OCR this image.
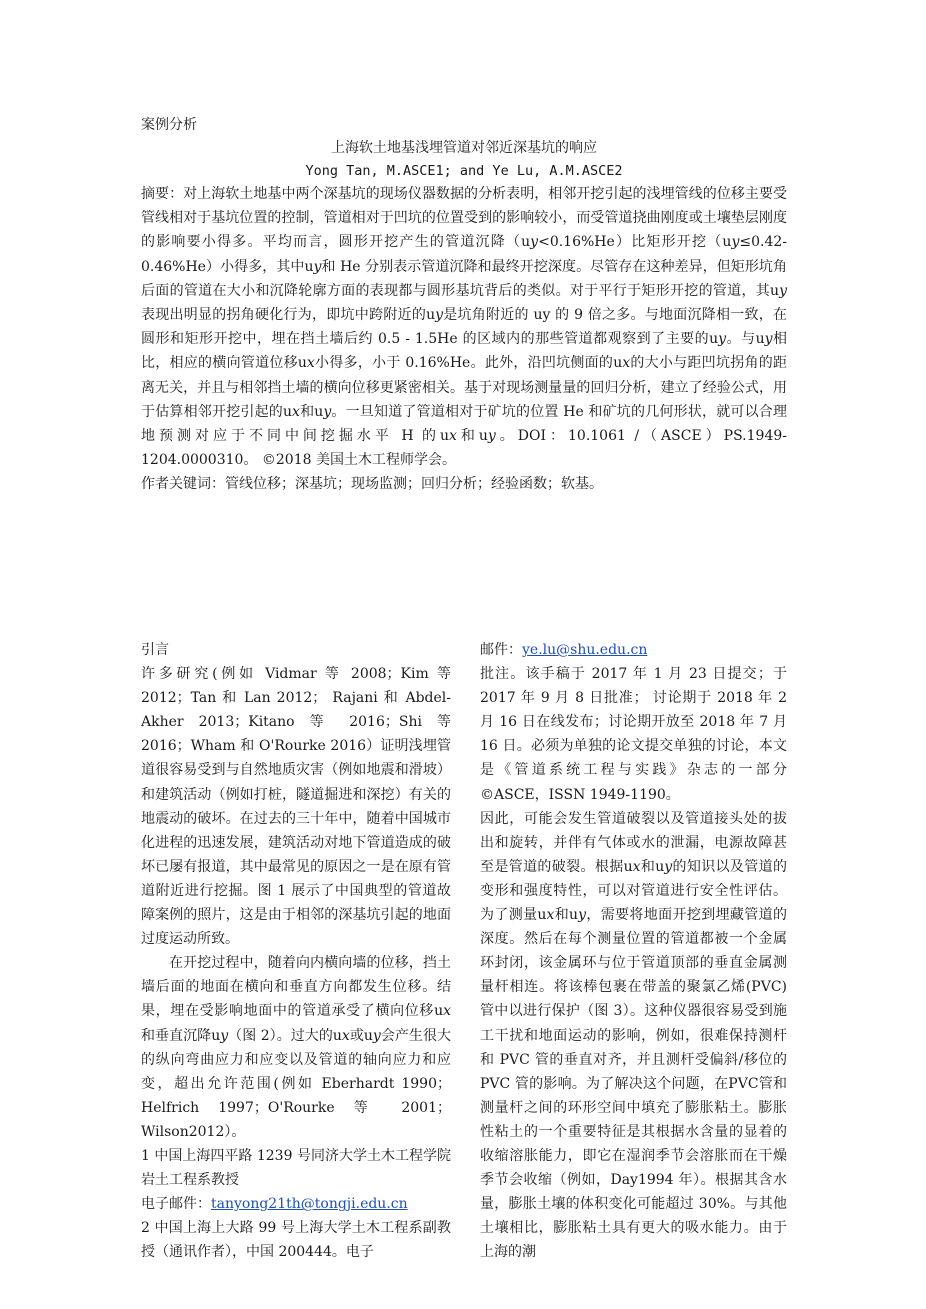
案例分析

上海软土地基浅埋管道对邻近深基坑的响应

Yong Tan, M.ASCE1; and Ye Lu, A.M.ASCE2

摘要：对上海软土地基中两个深基坑的现场仪器数据的分析表明，相邻开挖引起的浅埋管线的位移主要受管线相对于基坑位置的控制，管道相对于凹坑的位置受到的影响较小，而受管道挠曲刚度或土壤垫层刚度的影响要小得多。平均而言，圆形开挖产生的管道沉降（u𝑦<0.16%He）比矩形开挖（u𝑦≤0.42-0.46%He）小得多，其中u𝑦和 He 分别表示管道沉降和最终开挖深度。尽管存在这种差异，但矩形坑角后面的管道在大小和沉降轮廓方面的表现都与圆形基坑背后的类似。对于平行于矩形开挖的管道，其u𝑦表现出明显的拐角硬化行为，即坑中跨附近的u𝑦是坑角附近的 uy 的 9 倍之多。与地面沉降相一致，在圆形和矩形开挖中，埋在挡土墙后约 0.5 - 1.5He 的区域内的那些管道都观察到了主要的u𝑦。与u𝑦相比，相应的横向管道位移u𝑥小得多，小于 0.16%He。此外，沿凹坑侧面的u𝑥的大小与距凹坑拐角的距离无关，并且与相邻挡土墙的横向位移更紧密相关。基于对现场测量量的回归分析，建立了经验公式，用于估算相邻开挖引起的u𝑥和u𝑦。一旦知道了管道相对于矿坑的位置 He 和矿坑的几何形状，就可以合理地预测对应于不同中间挖掘水平 H 的u𝑥和u𝑦。DOI：10.1061 /（ASCE）PS.1949-1204.0000310。 ©2018 美国土木工程师学会。

作者关键词：管线位移；深基坑；现场监测；回归分析；经验函数；软基。

引言

许多研究(例如 Vidmar 等 2008；Kim 等 2012；Tan 和 Lan 2012； Rajani 和 Abdel-Akher 2013；Kitano 等 2016；Shi 等 2016；Wham 和 O'Rourke 2016）证明浅埋管道很容易受到与自然地质灾害（例如地震和滑坡）和建筑活动（例如打桩，隧道掘进和深挖）有关的地震动的破坏。在过去的三十年中，随着中国城市化进程的迅速发展，建筑活动对地下管道造成的破坏已屡有报道，其中最常见的原因之一是在原有管道附近进行挖掘。图 1 展示了中国典型的管道故障案例的照片，这是由于相邻的深基坑引起的地面过度运动所致。

在开挖过程中，随着向内横向墙的位移，挡土墙后面的地面在横向和垂直方向都发生位移。结果，埋在受影响地面中的管道承受了横向位移u𝑥和垂直沉降u𝑦（图 2）。过大的u𝑥或u𝑦会产生很大的纵向弯曲应力和应变以及管道的轴向应力和应变，超出允许范围(例如 Eberhardt 1990；Helfrich 1997；O'Rourke 等 2001；Wilson2012）。

1 中国上海四平路 1239 号同济大学土木工程学院岩土工程系教授

电子邮件：tanyong21th@tongji.edu.cn

2 中国上海上大路 99 号上海大学土木工程系副教授（通讯作者），中国 200444。电子

邮件：ye.lu@shu.edu.cn

批注。该手稿于 2017 年 1 月 23 日提交；于 2017 年 9 月 8 日批准； 讨论期于 2018 年 2 月 16 日在线发布；讨论期开放至 2018 年 7 月 16 日。必须为单独的论文提交单独的讨论，本文是《管道系统工程与实践》杂志的一部分©ASCE，ISSN 1949-1190。

因此，可能会发生管道破裂以及管道接头处的拔出和旋转，并伴有气体或水的泄漏，电源故障甚至是管道的破裂。根据u𝑥和u𝑦的知识以及管道的变形和强度特性，可以对管道进行安全性评估。为了测量u𝑥和u𝑦，需要将地面开挖到埋藏管道的深度。然后在每个测量位置的管道都被一个金属环封闭，该金属环与位于管道顶部的垂直金属测量杆相连。将该棒包裹在带盖的聚氯乙烯(PVC)管中以进行保护（图 3）。这种仪器很容易受到施工干扰和地面运动的影响，例如，很难保持测杆和 PVC 管的垂直对齐，并且测杆受偏斜/移位的 PVC 管的影响。为了解决这个问题，在PVC管和测量杆之间的环形空间中填充了膨胀粘土。膨胀性粘土的一个重要特征是其根据水含量的显着的收缩溶胀能力，即它在湿润季节会溶胀而在干燥季节会收缩（例如，Day1994 年）。根据其含水量，膨胀土壤的体积变化可能超过 30%。与其他土壤相比，膨胀粘土具有更大的吸水能力。由于上海的潮
